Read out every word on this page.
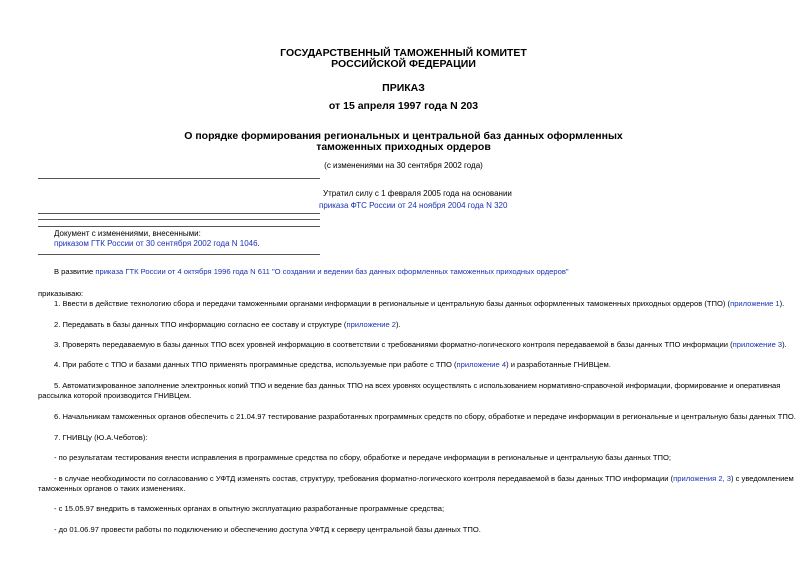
ГОСУДАРСТВЕННЫЙ ТАМОЖЕННЫЙ КОМИТЕТ
РОССИЙСКОЙ ФЕДЕРАЦИИ
ПРИКАЗ
от 15 апреля 1997 года N 203
О порядке формирования региональных и центральной баз данных оформленных
таможенных приходных ордеров
(с изменениями на 30 сентября 2002 года)
Утратил силу с 1 февраля 2005 года на основании
приказа ФТС России от 24 ноября 2004 года N 320
Документ с изменениями, внесенными:
приказом ГТК России от 30 сентября 2002 года N 1046.
В развитие приказа ГТК России от 4 октября 1996 года N 611 "О создании и ведении баз данных оформленных таможенных приходных ордеров"
приказываю:
1. Ввести в действие технологию сбора и передачи таможенными органами информации в региональные и центральную базы данных оформленных таможенных приходных ордеров (ТПО) (приложение 1).
2. Передавать в базы данных ТПО информацию согласно ее составу и структуре (приложение 2).
3. Проверять передаваемую в базы данных ТПО всех уровней информацию в соответствии с требованиями форматно-логического контроля передаваемой в базы данных ТПО информации (приложение 3).
4. При работе с ТПО и базами данных ТПО применять программные средства, используемые при работе с ТПО (приложение 4) и разработанные ГНИВЦем.
5. Автоматизированное заполнение электронных копий ТПО и ведение баз данных ТПО на всех уровнях осуществлять с использованием нормативно-справочной информации, формирование и оперативная
рассылка которой производится ГНИВЦем.
6. Начальникам таможенных органов обеспечить с 21.04.97 тестирование разработанных программных средств по сбору, обработке и передаче информации в региональные и центральную базы данных ТПО.
7. ГНИВЦу (Ю.А.Чеботов):
- по результатам тестирования внести исправления в программные средства по сбору, обработке и передаче информации в региональные и центральную базы данных ТПО;
- в случае необходимости по согласованию с УФТД изменять состав, структуру, требования форматно-логического контроля передаваемой в базы данных ТПО информации (приложения 2, 3) с уведомлением
таможенных органов о таких изменениях.
- с 15.05.97 внедрить в таможенных органах в опытную эксплуатацию разработанные программные средства;
- до 01.06.97 провести работы по подключению и обеспечению доступа УФТД к серверу центральной базы данных ТПО.
